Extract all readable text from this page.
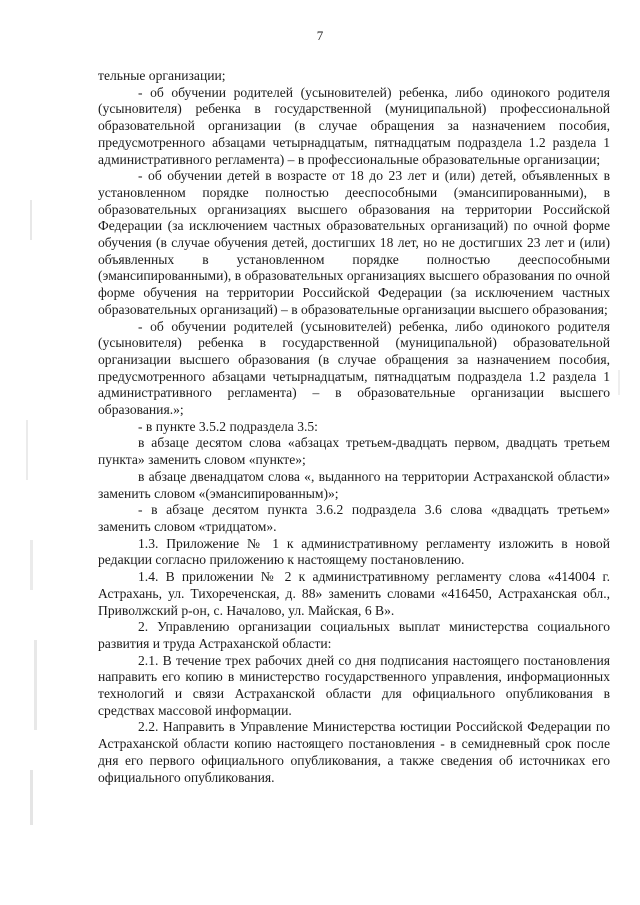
7

тельные организации;

- об обучении родителей (усыновителей) ребенка, либо одинокого родителя (усыновителя) ребенка в государственной (муниципальной) профессиональной образовательной организации (в случае обращения за назначением пособия, предусмотренного абзацами четырнадцатым, пятнадцатым подраздела 1.2 раздела 1 административного регламента) – в профессиональные образовательные организации;

- об обучении детей в возрасте от 18 до 23 лет и (или) детей, объявленных в установленном порядке полностью дееспособными (эмансипированными), в образовательных организациях высшего образования на территории Российской Федерации (за исключением частных образовательных организаций) по очной форме обучения (в случае обучения детей, достигших 18 лет, но не достигших 23 лет и (или) объявленных в установленном порядке полностью дееспособными (эмансипированными), в образовательных организациях высшего образования по очной форме обучения на территории Российской Федерации (за исключением частных образовательных организаций) – в образовательные организации высшего образования;

- об обучении родителей (усыновителей) ребенка, либо одинокого родителя (усыновителя) ребенка в государственной (муниципальной) образовательной организации высшего образования (в случае обращения за назначением пособия, предусмотренного абзацами четырнадцатым, пятнадцатым подраздела 1.2 раздела 1 административного регламента) – в образовательные организации высшего образования.»;

- в пункте 3.5.2 подраздела 3.5:

в абзаце десятом слова «абзацах третьем-двадцать первом, двадцать третьем пункта» заменить словом «пункте»;

в абзаце двенадцатом слова «, выданного на территории Астраханской области» заменить словом «(эмансипированным)»;

- в абзаце десятом пункта 3.6.2 подраздела 3.6 слова «двадцать третьем» заменить словом «тридцатом».

1.3. Приложение № 1 к административному регламенту изложить в новой редакции согласно приложению к настоящему постановлению.

1.4. В приложении № 2 к административному регламенту слова «414004 г. Астрахань, ул. Тихореченская, д. 88» заменить словами «416450, Астраханская обл., Приволжский р-он, с. Началово, ул. Майская, 6 В».

2. Управлению организации социальных выплат министерства социального развития и труда Астраханской области:

2.1. В течение трех рабочих дней со дня подписания настоящего постановления направить его копию в министерство государственного управления, информационных технологий и связи Астраханской области для официального опубликования в средствах массовой информации.

2.2. Направить в Управление Министерства юстиции Российской Федерации по Астраханской области копию настоящего постановления - в семидневный срок после дня его первого официального опубликования, а также сведения об источниках его официального опубликования.
